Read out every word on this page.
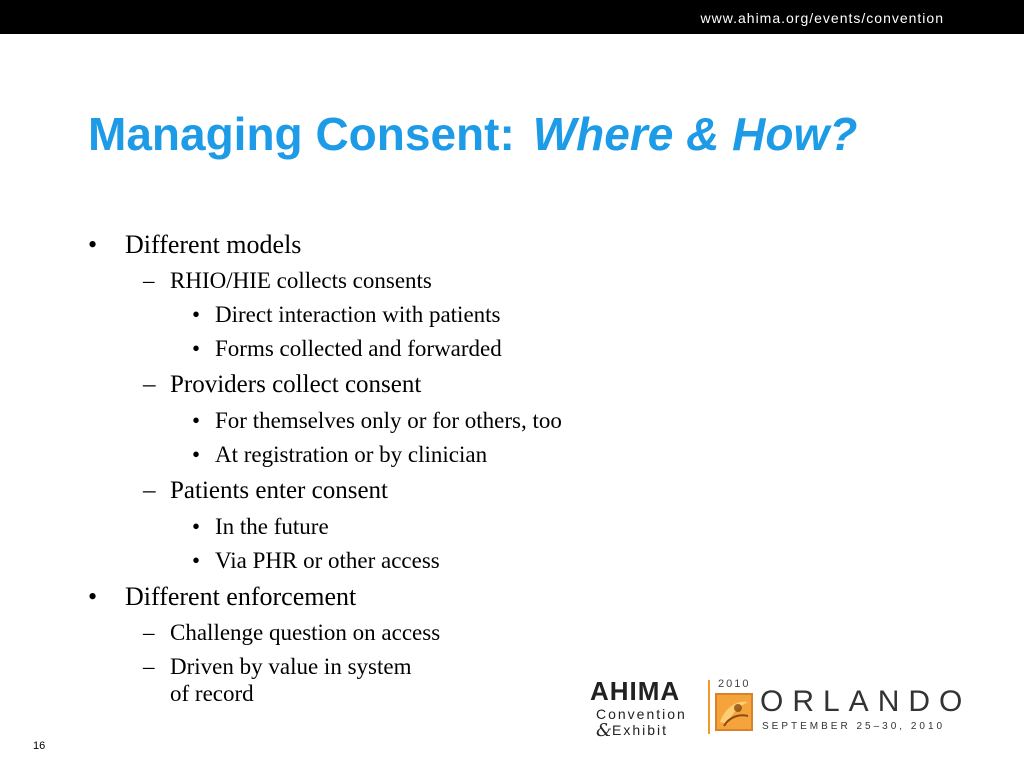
www.ahima.org/events/convention
Managing Consent: Where & How?
• Different models
– RHIO/HIE collects consents
• Direct interaction with patients
• Forms collected and forwarded
– Providers collect consent
• For themselves only or for others, too
• At registration or by clinician
– Patients enter consent
• In the future
• Via PHR or other access
• Different enforcement
– Challenge question on access
– Driven by value in system
of record
16
AHIMA
Convention
& Exhibit
2010
ORLANDO
SEPTEMBER 25–30, 2010
